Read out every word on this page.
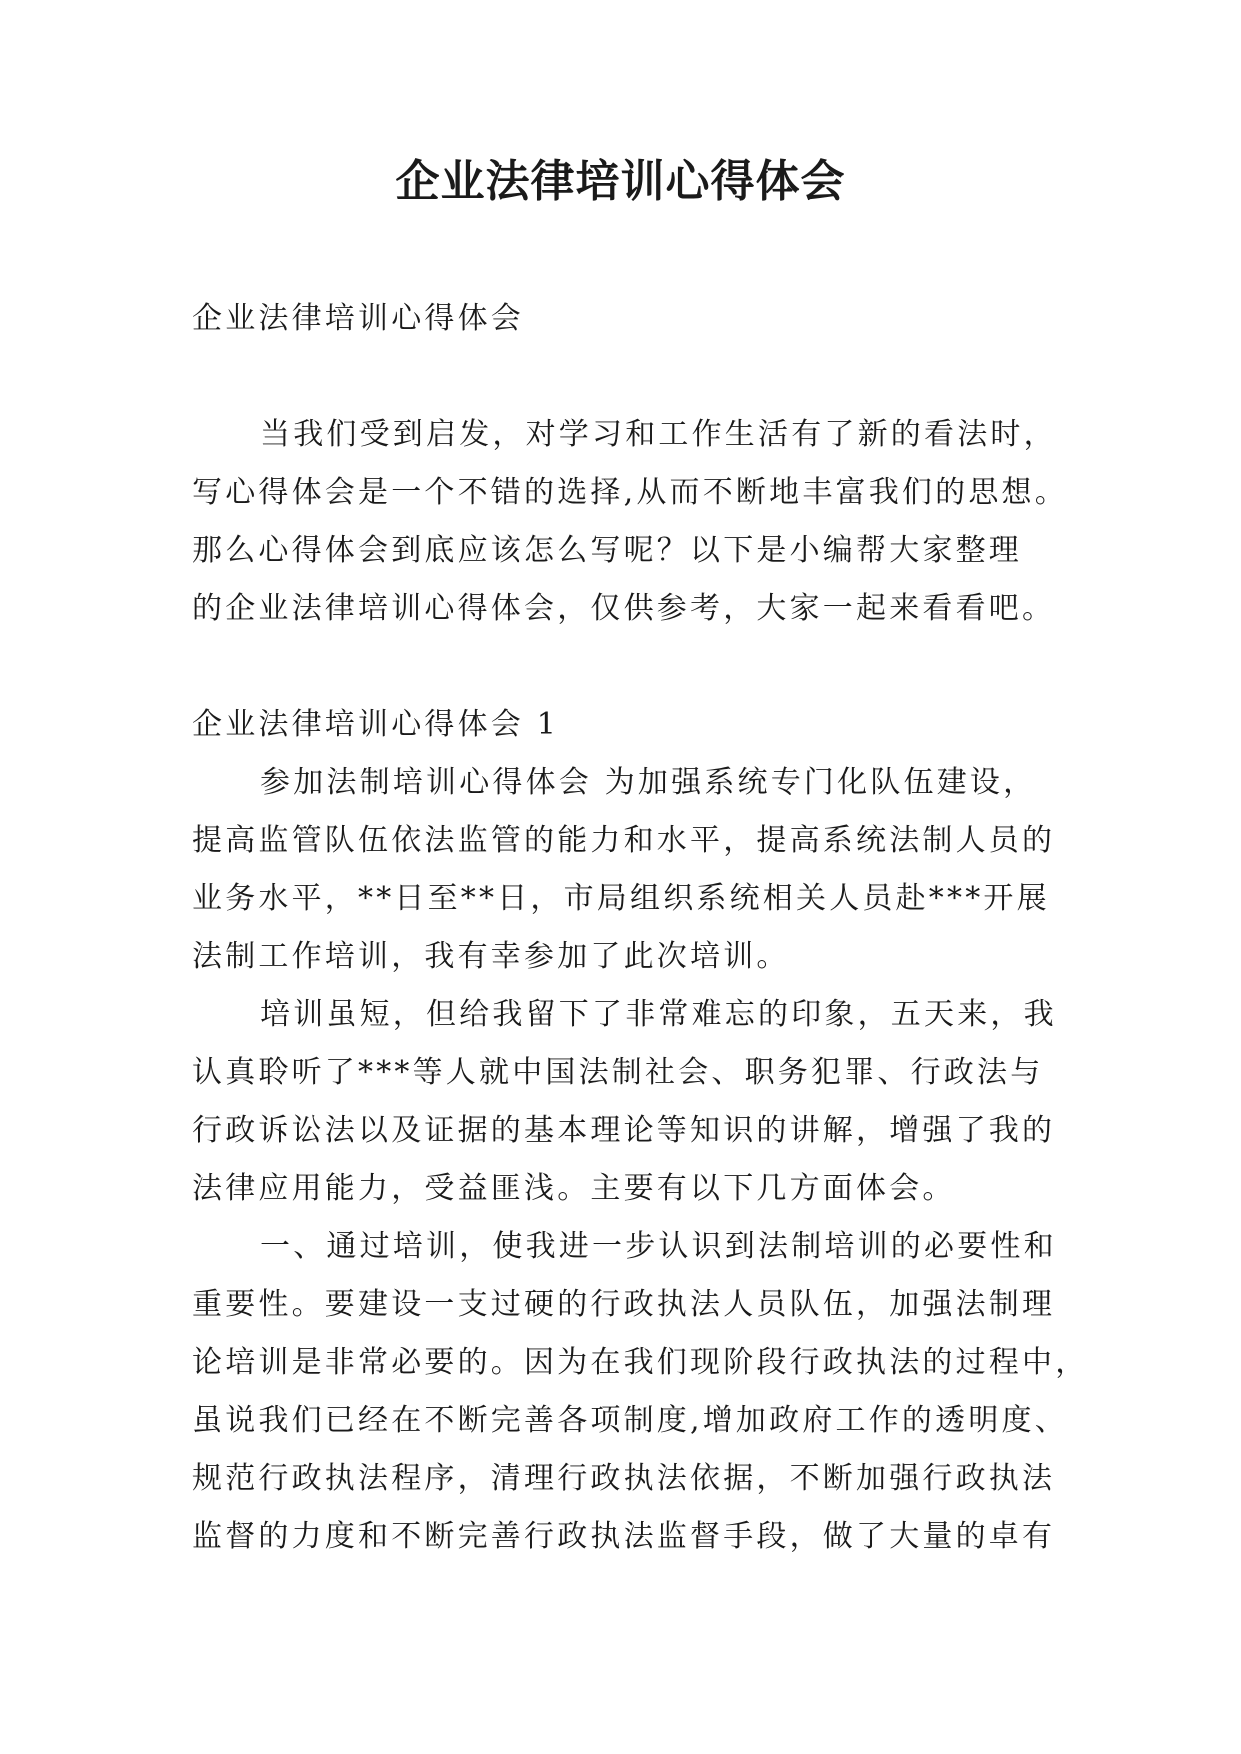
企业法律培训心得体会

企业法律培训心得体会

当我们受到启发，对学习和工作生活有了新的看法时，
写心得体会是一个不错的选择,从而不断地丰富我们的思想。
那么心得体会到底应该怎么写呢？以下是小编帮大家整理
的企业法律培训心得体会，仅供参考，大家一起来看看吧。

企业法律培训心得体会 1

参加法制培训心得体会 为加强系统专门化队伍建设，
提高监管队伍依法监管的能力和水平，提高系统法制人员的
业务水平，**日至**日，市局组织系统相关人员赴***开展
法制工作培训，我有幸参加了此次培训。
培训虽短，但给我留下了非常难忘的印象，五天来，我
认真聆听了***等人就中国法制社会、职务犯罪、行政法与
行政诉讼法以及证据的基本理论等知识的讲解，增强了我的
法律应用能力，受益匪浅。主要有以下几方面体会。
一、通过培训，使我进一步认识到法制培训的必要性和
重要性。要建设一支过硬的行政执法人员队伍，加强法制理
论培训是非常必要的。因为在我们现阶段行政执法的过程中，
虽说我们已经在不断完善各项制度,增加政府工作的透明度、
规范行政执法程序，清理行政执法依据，不断加强行政执法
监督的力度和不断完善行政执法监督手段，做了大量的卓有
